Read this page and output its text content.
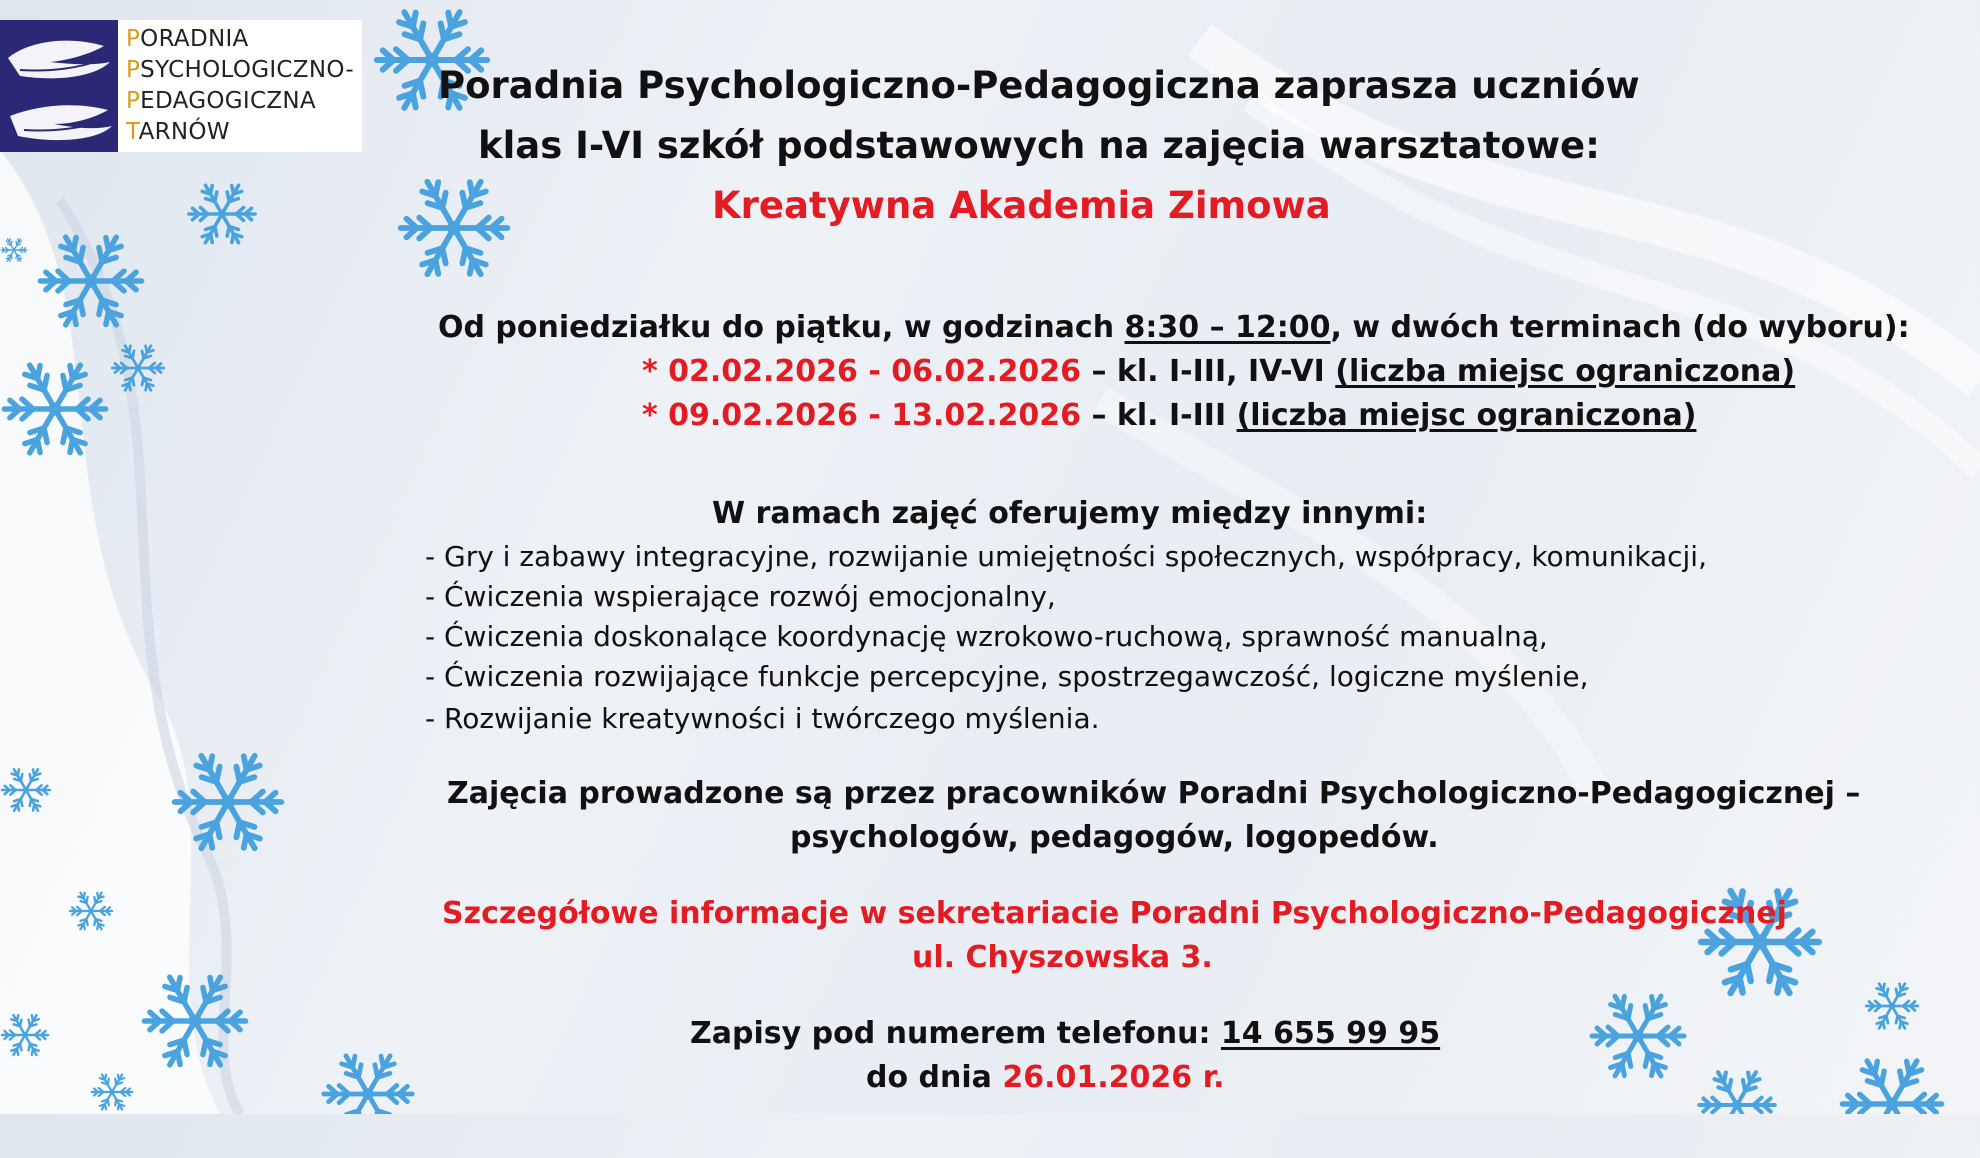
PORADNIA
PSYCHOLOGICZNO-
PEDAGOGICZNA
TARNÓW
Poradnia Psychologiczno-Pedagogiczna zaprasza uczniów
klas I-VI szkół podstawowych na zajęcia warsztatowe:
Kreatywna Akademia Zimowa
Od poniedziałku do piątku, w godzinach 8:30 – 12:00, w dwóch terminach (do wyboru):
* 02.02.2026 - 06.02.2026 – kl. I-III, IV-VI (liczba miejsc ograniczona)
* 09.02.2026 - 13.02.2026 – kl. I-III (liczba miejsc ograniczona)
W ramach zajęć oferujemy między innymi:
- Gry i zabawy integracyjne, rozwijanie umiejętności społecznych, współpracy, komunikacji,
- Ćwiczenia wspierające rozwój emocjonalny,
- Ćwiczenia doskonalące koordynację wzrokowo-ruchową, sprawność manualną,
- Ćwiczenia rozwijające funkcje percepcyjne, spostrzegawczość, logiczne myślenie,
- Rozwijanie kreatywności i twórczego myślenia.
Zajęcia prowadzone są przez pracowników Poradni Psychologiczno-Pedagogicznej –
psychologów, pedagogów, logopedów.
Szczegółowe informacje w sekretariacie Poradni Psychologiczno-Pedagogicznej
ul. Chyszowska 3.
Zapisy pod numerem telefonu: 14 655 99 95
do dnia 26.01.2026 r.
